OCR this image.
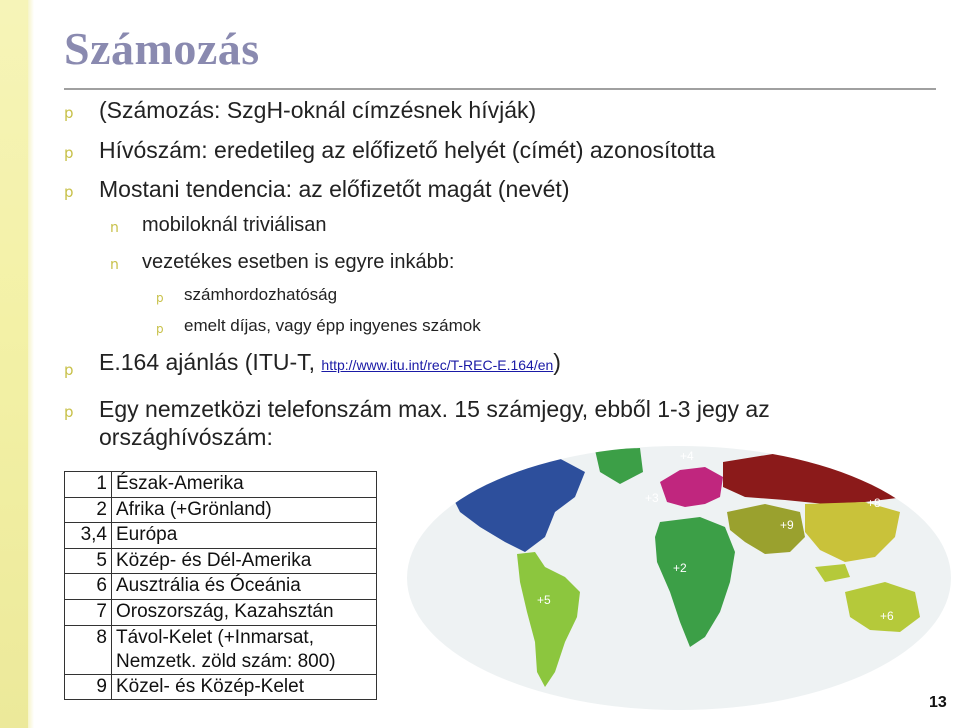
Számozás
p (Számozás: SzgH-oknál címzésnek hívják)
p Hívószám: eredetileg az előfizető helyét (címét) azonosította
p Mostani tendencia: az előfizetőt magát (nevét)
n mobiloknál triviálisan
n vezetékes esetben is egyre inkább:
p számhordozhatóság
p emelt díjas, vagy épp ingyenes számok
p E.164 ajánlás (ITU-T, http://www.itu.int/rec/T-REC-E.164/en)
p Egy nemzetközi telefonszám max. 15 számjegy, ebből 1-3 jegy az
országhívószám:
1	Észak-Amerika
2	Afrika (+Grönland)
3,4	Európa
5	Közép- és Dél-Amerika
6	Ausztrália és Óceánia
7	Oroszország, Kazahsztán
8	Távol-Kelet (+Inmarsat,
Nemzetk. zöld szám: 800)

9	Közel- és Közép-Kelet
+1
+2
+3
+4
+5
+6
+7
+8
+9
13
